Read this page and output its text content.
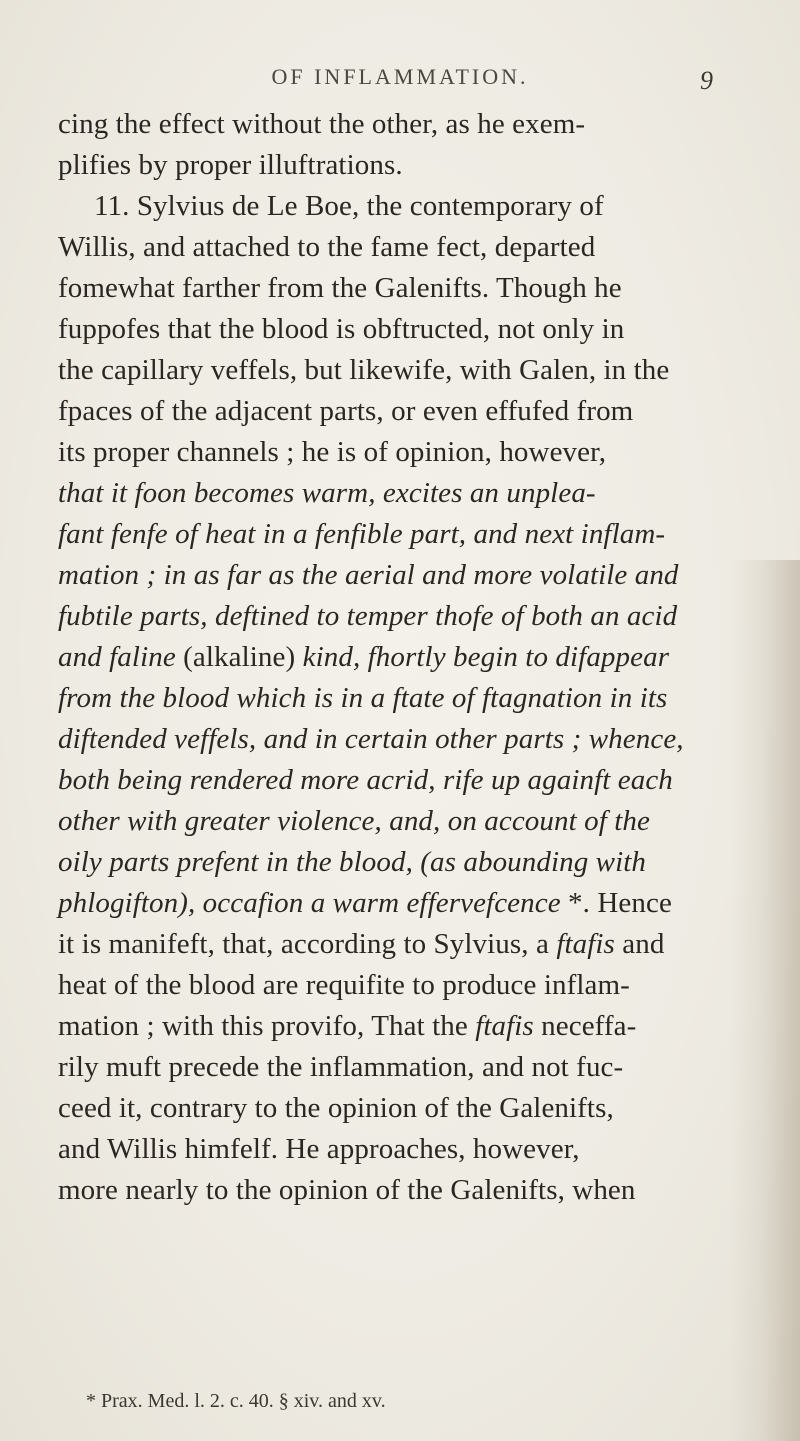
OF INFLAMMATION.	9
cing the effect without the other, as he exem-
plifies by proper illuftrations.
11. Sylvius de Le Boe, the contemporary of
Willis, and attached to the fame fect, departed
fomewhat farther from the Galenifts. Though he
fuppofes that the blood is obftructed, not only in
the capillary veffels, but likewife, with Galen, in the
fpaces of the adjacent parts, or even effufed from
its proper channels ; he is of opinion, however,
that it foon becomes warm, excites an unplea-
fant fenfe of heat in a fenfible part, and next inflam-
mation ; in as far as the aerial and more volatile and
fubtile parts, deftined to temper thofe of both an acid
and faline (alkaline) kind, fhortly begin to difappear
from the blood which is in a ftate of ftagnation in its
diftended veffels, and in certain other parts ; whence,
both being rendered more acrid, rife up againft each
other with greater violence, and, on account of the
oily parts prefent in the blood, (as abounding with
phlogifton), occafion a warm effervefcence *. Hence
it is manifeft, that, according to Sylvius, a ftafis and
heat of the blood are requifite to produce inflam-
mation ; with this provifo, That the ftafis neceffa-
rily muft precede the inflammation, and not fuc-
ceed it, contrary to the opinion of the Galenifts,
and Willis himfelf. He approaches, however,
more nearly to the opinion of the Galenifts, when
* Prax. Med. l. 2. c. 40. § xiv. and xv.
